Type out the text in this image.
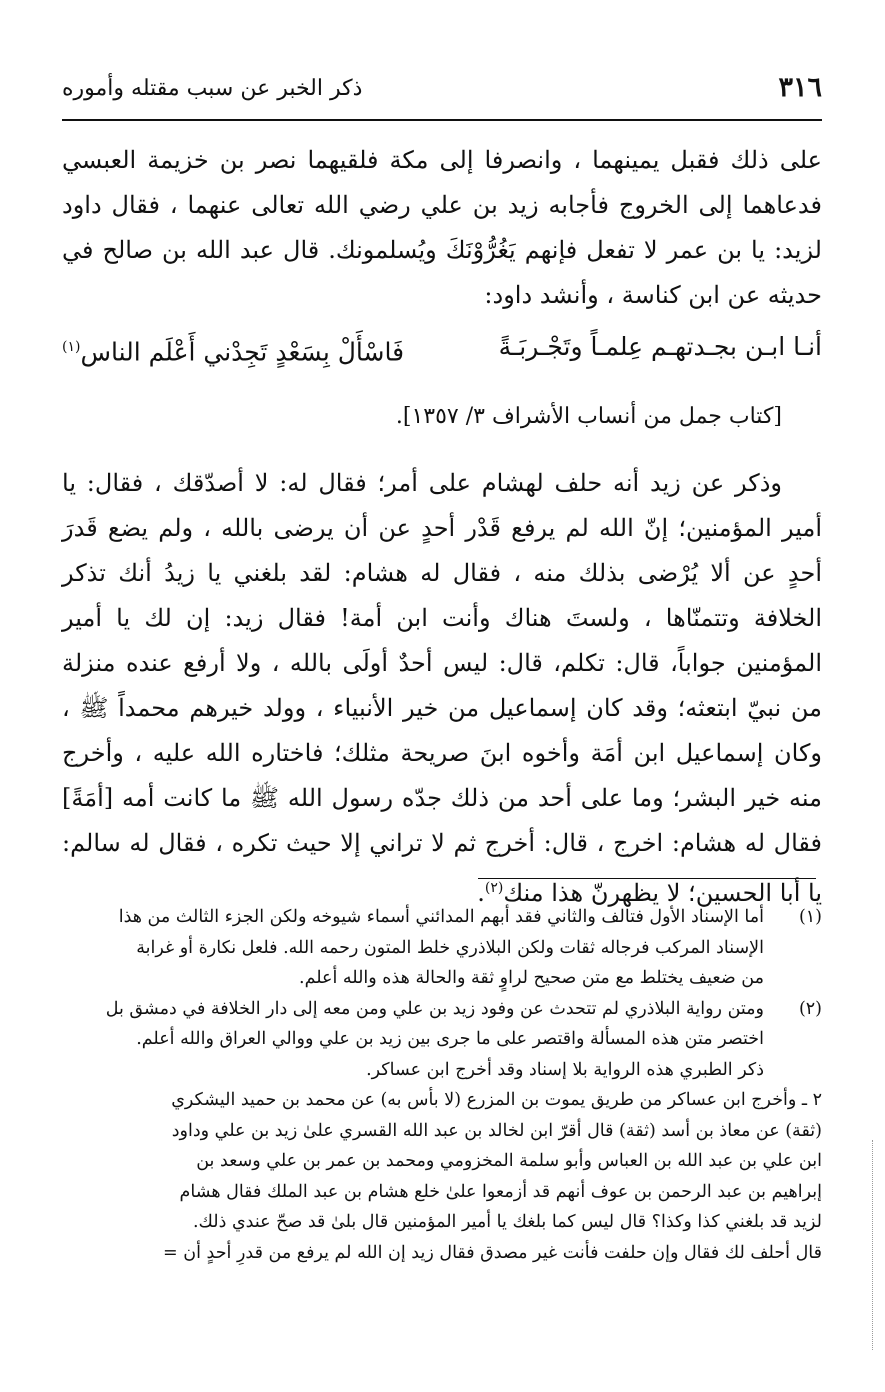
٣١٦
ذكر الخبر عن سبب مقتله وأموره

على ذلك فقبل يمينهما ، وانصرفا إلى مكة فلقيهما نصر بن خزيمة العبسي فدعاهما إلى الخروج فأجابه زيد بن علي رضي الله تعالى عنهما ، فقال داود لزيد: يا بن عمر لا تفعل فإنهم يَغُرُّوْنَكَ ويُسلمونك. قال عبد الله بن صالح في حديثه عن ابن كناسة ، وأنشد داود:

أنـا ابـن بجـدتهـم عِلمـاً وتَجْـربَـةً
فَاسْأَلْ بِسَعْدٍ تَجِدْني أَعْلَم الناس$^{(١)}$
[كتاب جمل من أنساب الأشراف ٣/ ١٣٥٧].

وذكر عن زيد أنه حلف لهشام على أمر؛ فقال له: لا أصدّقك ، فقال: يا أمير المؤمنين؛ إنّ الله لم يرفع قَدْر أحدٍ عن أن يرضى بالله ، ولم يضع قَدرَ أحدٍ عن ألا يُرْضى بذلك منه ، فقال له هشام: لقد بلغني يا زيدُ أنك تذكر الخلافة وتتمنّاها ، ولستَ هناك وأنت ابن أمة! فقال زيد: إن لك يا أمير المؤمنين جواباً، قال: تكلم، قال: ليس أحدٌ أولَى بالله ، ولا أرفع عنده منزلة من نبيّ ابتعثه؛ وقد كان إسماعيل من خير الأنبياء ، وولد خيرهم محمداً ﷺ ، وكان إسماعيل ابن أمَة وأخوه ابنَ صريحة مثلك؛ فاختاره الله عليه ، وأخرج منه خير البشر؛ وما على أحد من ذلك جدّه رسول الله ﷺ ما كانت أمه [أمَةً] فقال له هشام: اخرج ، قال: أخرج ثم لا تراني إلا حيث تكره ، فقال له سالم: يا أبا الحسين؛ لا يظهرنّ هذا منك$^{(٢)}$.

(١)
أما الإسناد الأول فتالف والثاني فقد أبهم المدائني أسماء شيوخه ولكن الجزء الثالث من هذا
الإسناد المركب فرجاله ثقات ولكن البلاذري خلط المتون رحمه الله. فلعل نكارة أو غرابة
من ضعيف يختلط مع متن صحيح لراوٍ ثقة والحالة هذه والله أعلم.
(٢)
ومتن رواية البلاذري لم تتحدث عن وفود زيد بن علي ومن معه إلى دار الخلافة في دمشق بل
اختصر متن هذه المسألة واقتصر على ما جرى بين زيد بن علي ووالي العراق والله أعلم.
ذكر الطبري هذه الرواية بلا إسناد وقد أخرج ابن عساكر.
٢ ـ وأخرج ابن عساكر من طريق يموت بن المزرع (لا بأس به) عن محمد بن حميد اليشكري
(ثقة) عن معاذ بن أسد (ثقة) قال أقرّ ابن لخالد بن عبد الله القسري علىٰ زيد بن علي وداود
ابن علي بن عبد الله بن العباس وأبو سلمة المخزومي ومحمد بن عمر بن علي وسعد بن
إبراهيم بن عبد الرحمن بن عوف أنهم قد أزمعوا علىٰ خلع هشام بن عبد الملك فقال هشام
لزيد قد بلغني كذا وكذا؟ قال ليس كما بلغك يا أمير المؤمنين قال بلىٰ قد صحّ عندي ذلك.
قال أحلف لك فقال وإن حلفت فأنت غير مصدق فقال زيد إن الله لم يرفع من قدرِ أحدٍ أن =
